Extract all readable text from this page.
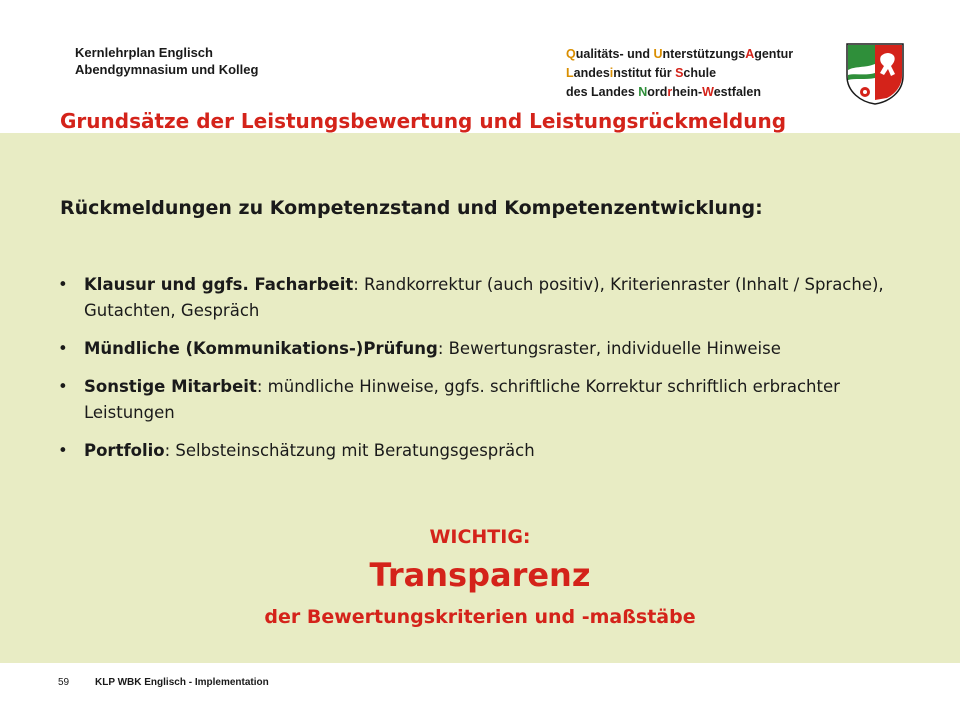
Kernlehrplan Englisch
Abendgymnasium und Kolleg
Qualitäts- und UnterstützungsAgentur
Landesinstitut für Schule
des Landes Nordrhein-Westfalen
Grundsätze der Leistungsbewertung und Leistungsrückmeldung
Rückmeldungen zu Kompetenzstand und Kompetenzentwicklung:
• Klausur und ggfs. Facharbeit: Randkorrektur (auch positiv), Kriterienraster (Inhalt / Sprache), Gutachten, Gespräch
• Mündliche (Kommunikations-)Prüfung: Bewertungsraster, individuelle Hinweise
• Sonstige Mitarbeit: mündliche Hinweise, ggfs. schriftliche Korrektur schriftlich erbrachter Leistungen
• Portfolio: Selbsteinschätzung mit Beratungsgespräch
WICHTIG:
Transparenz
der Bewertungskriterien und -maßstäbe
59	KLP WBK Englisch - Implementation
